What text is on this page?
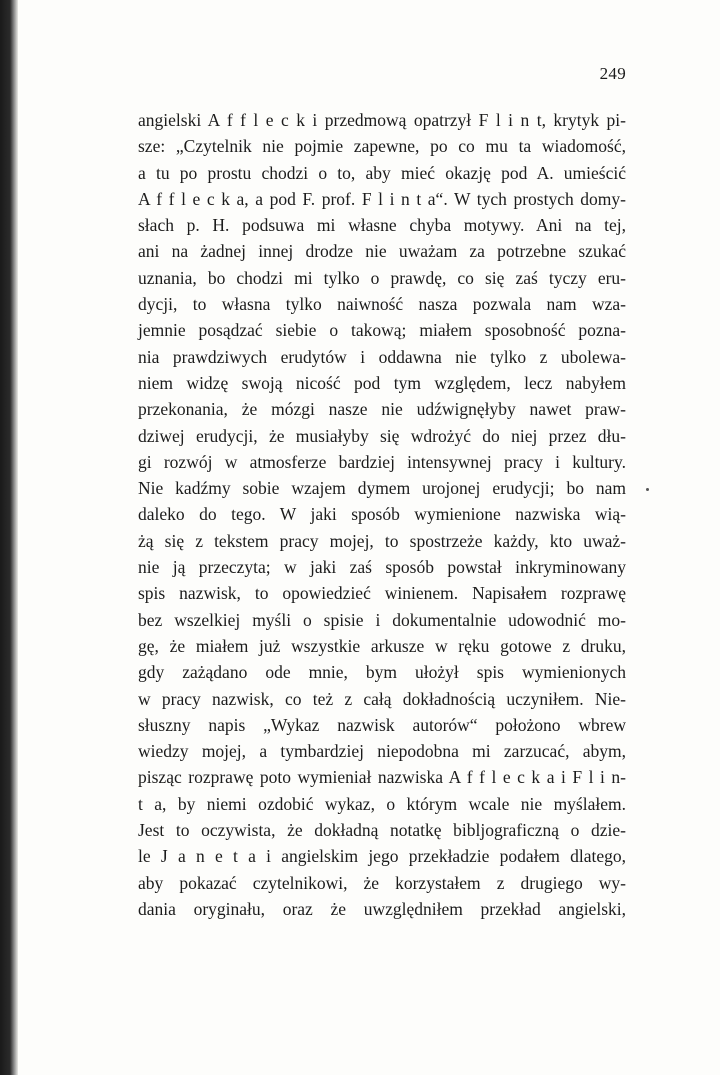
249
angielski A f f l e c k i przedmową opatrzył F l i n t, krytyk pi-
sze: „Czytelnik nie pojmie zapewne, po co mu ta wiadomość,
a tu po prostu chodzi o to, aby mieć okazję pod A. umieścić
A f f l e c k a, a pod F. prof. F l i n t a“. W tych prostych domy-
słach p. H. podsuwa mi własne chyba motywy. Ani na tej,
ani na żadnej innej drodze nie uważam za potrzebne szukać
uznania, bo chodzi mi tylko o prawdę, co się zaś tyczy eru-
dycji, to własna tylko naiwność nasza pozwala nam wza-
jemnie posądzać siebie o takową; miałem sposobność pozna-
nia prawdziwych erudytów i oddawna nie tylko z ubolewa-
niem widzę swoją nicość pod tym względem, lecz nabyłem
przekonania, że mózgi nasze nie udźwignęłyby nawet praw-
dziwej erudycji, że musiałyby się wdrożyć do niej przez dłu-
gi rozwój w atmosferze bardziej intensywnej pracy i kultury.
Nie kadźmy sobie wzajem dymem urojonej erudycji; bo nam
daleko do tego. W jaki sposób wymienione nazwiska wią-
żą się z tekstem pracy mojej, to spostrzeże każdy, kto uważ-
nie ją przeczyta; w jaki zaś sposób powstał inkryminowany
spis nazwisk, to opowiedzieć winienem. Napisałem rozprawę
bez wszelkiej myśli o spisie i dokumentalnie udowodnić mo-
gę, że miałem już wszystkie arkusze w ręku gotowe z druku,
gdy zażądano ode mnie, bym ułożył spis wymienionych
w pracy nazwisk, co też z całą dokładnością uczyniłem. Nie-
słuszny napis „Wykaz nazwisk autorów“ położono wbrew
wiedzy mojej, a tymbardziej niepodobna mi zarzucać, abym,
pisząc rozprawę poto wymieniał nazwiska A f f l e c k a i F l i n-
t a, by niemi ozdobić wykaz, o którym wcale nie myślałem.
Jest to oczywista, że dokładną notatkę bibljograficzną o dzie-
le J a n e t a i angielskim jego przekładzie podałem dlatego,
aby pokazać czytelnikowi, że korzystałem z drugiego wy-
dania oryginału, oraz że uwzględniłem przekład angielski,
